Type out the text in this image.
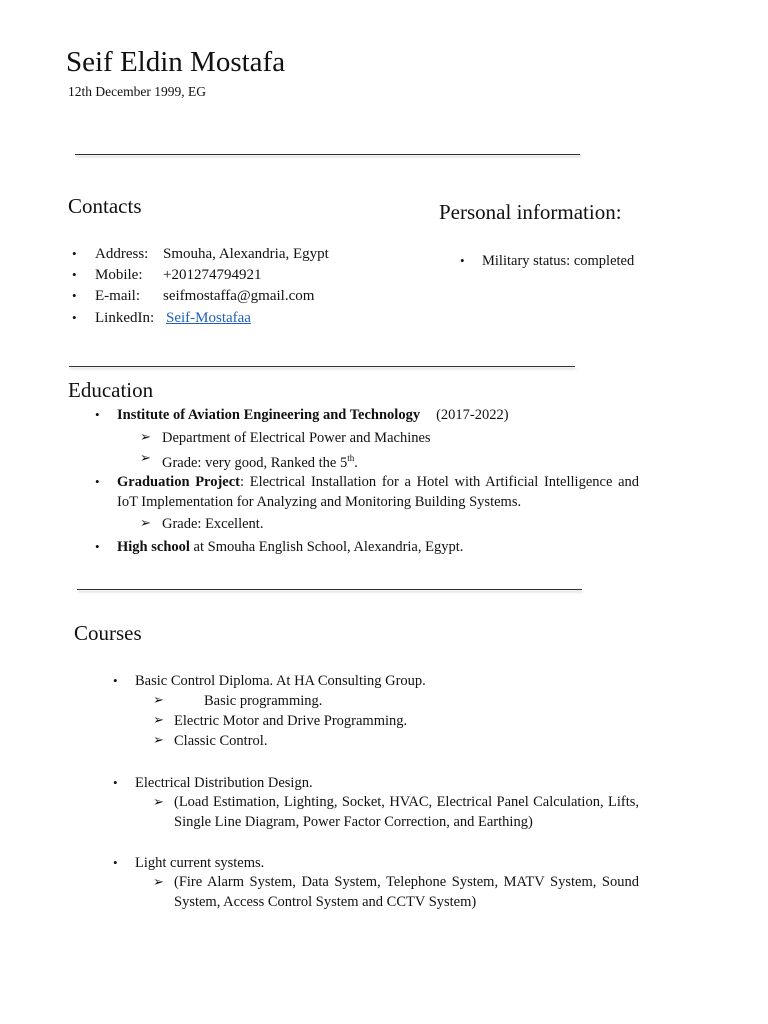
Seif Eldin Mostafa
12th December 1999, EG
Contacts
• Address: Smouha, Alexandria, Egypt
• Mobile: +201274794921
• E-mail: seifmostaffa@gmail.com
• LinkedIn: Seif-Mostafaa
Personal information:
• Military status: completed
Education
• Institute of Aviation Engineering and Technology (2017-2022)
➢ Department of Electrical Power and Machines
➢ Grade: very good, Ranked the 5th.
• Graduation Project: Electrical Installation for a Hotel with Artificial Intelligence and IoT Implementation for Analyzing and Monitoring Building Systems.
➢ Grade: Excellent.
• High school at Smouha English School, Alexandria, Egypt.
Courses
• Basic Control Diploma. At HA Consulting Group.
➢	Basic programming.
➢ Electric Motor and Drive Programming.
➢ Classic Control.
• Electrical Distribution Design.
➢ (Load Estimation, Lighting, Socket, HVAC, Electrical Panel Calculation, Lifts, Single Line Diagram, Power Factor Correction, and Earthing)
• Light current systems.
➢ (Fire Alarm System, Data System, Telephone System, MATV System, Sound System, Access Control System and CCTV System)
